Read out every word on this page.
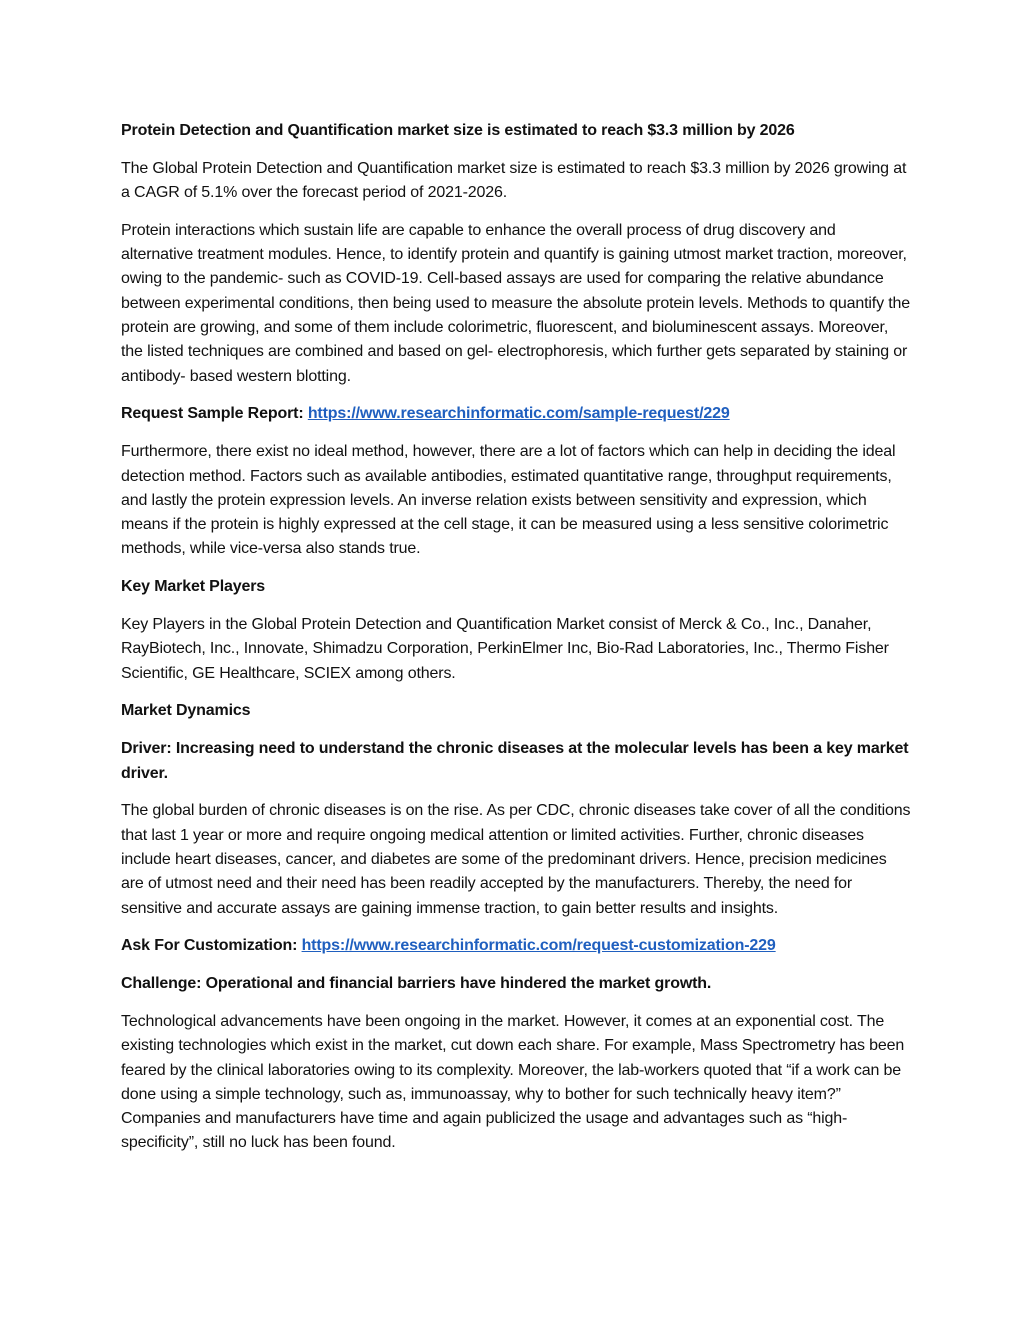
Protein Detection and Quantification market size is estimated to reach $3.3 million by 2026

The Global Protein Detection and Quantification market size is estimated to reach $3.3 million by 2026 growing at a CAGR of 5.1% over the forecast period of 2021-2026.

Protein interactions which sustain life are capable to enhance the overall process of drug discovery and alternative treatment modules. Hence, to identify protein and quantify is gaining utmost market traction, moreover, owing to the pandemic- such as COVID-19. Cell-based assays are used for comparing the relative abundance between experimental conditions, then being used to measure the absolute protein levels. Methods to quantify the protein are growing, and some of them include colorimetric, fluorescent, and bioluminescent assays. Moreover, the listed techniques are combined and based on gel- electrophoresis, which further gets separated by staining or antibody- based western blotting.

Request Sample Report: https://www.researchinformatic.com/sample-request/229

Furthermore, there exist no ideal method, however, there are a lot of factors which can help in deciding the ideal detection method. Factors such as available antibodies, estimated quantitative range, throughput requirements, and lastly the protein expression levels. An inverse relation exists between sensitivity and expression, which means if the protein is highly expressed at the cell stage, it can be measured using a less sensitive colorimetric methods, while vice-versa also stands true.

Key Market Players

Key Players in the Global Protein Detection and Quantification Market consist of Merck & Co., Inc., Danaher, RayBiotech, Inc., Innovate, Shimadzu Corporation, PerkinElmer Inc, Bio-Rad Laboratories, Inc., Thermo Fisher Scientific, GE Healthcare, SCIEX among others.

Market Dynamics

Driver: Increasing need to understand the chronic diseases at the molecular levels has been a key market driver.

The global burden of chronic diseases is on the rise. As per CDC, chronic diseases take cover of all the conditions that last 1 year or more and require ongoing medical attention or limited activities. Further, chronic diseases include heart diseases, cancer, and diabetes are some of the predominant drivers. Hence, precision medicines are of utmost need and their need has been readily accepted by the manufacturers. Thereby, the need for sensitive and accurate assays are gaining immense traction, to gain better results and insights.

Ask For Customization: https://www.researchinformatic.com/request-customization-229

Challenge: Operational and financial barriers have hindered the market growth.

Technological advancements have been ongoing in the market. However, it comes at an exponential cost. The existing technologies which exist in the market, cut down each share. For example, Mass Spectrometry has been feared by the clinical laboratories owing to its complexity. Moreover, the lab-workers quoted that “if a work can be done using a simple technology, such as, immunoassay, why to bother for such technically heavy item?” Companies and manufacturers have time and again publicized the usage and advantages such as “high-specificity”, still no luck has been found.
